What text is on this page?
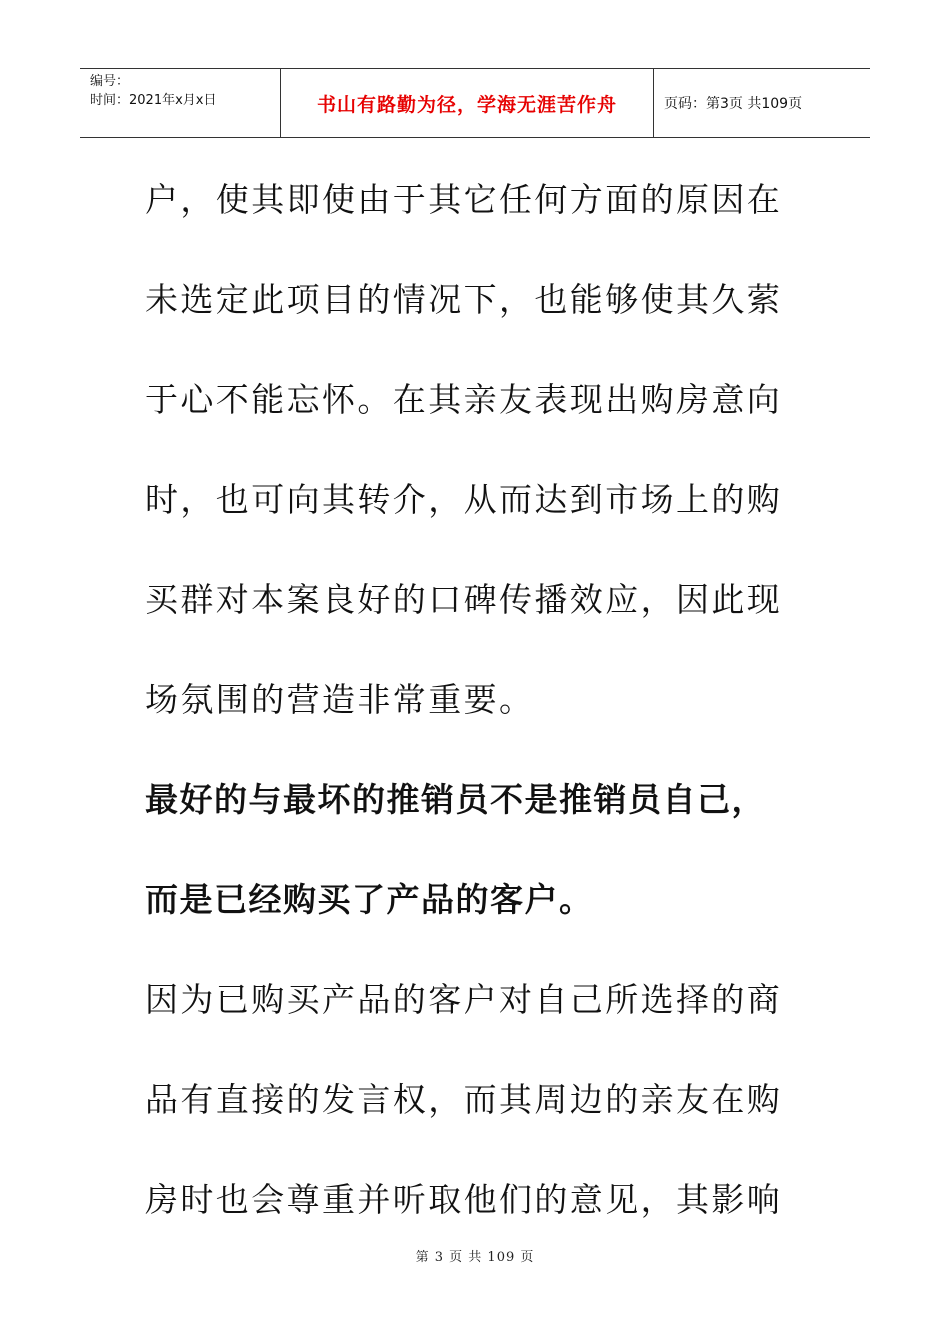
编号：
时间：2021年x月x日	书山有路勤为径，学海无涯苦作舟	页码：第3页 共109页
户，使其即使由于其它任何方面的原因在
未选定此项目的情况下，也能够使其久萦
于心不能忘怀。在其亲友表现出购房意向
时，也可向其转介，从而达到市场上的购
买群对本案良好的口碑传播效应，因此现
场氛围的营造非常重要。
最好的与最坏的推销员不是推销员自己，
而是已经购买了产品的客户。
因为已购买产品的客户对自己所选择的商
品有直接的发言权，而其周边的亲友在购
房时也会尊重并听取他们的意见，其影响
第 3 页 共 109 页
